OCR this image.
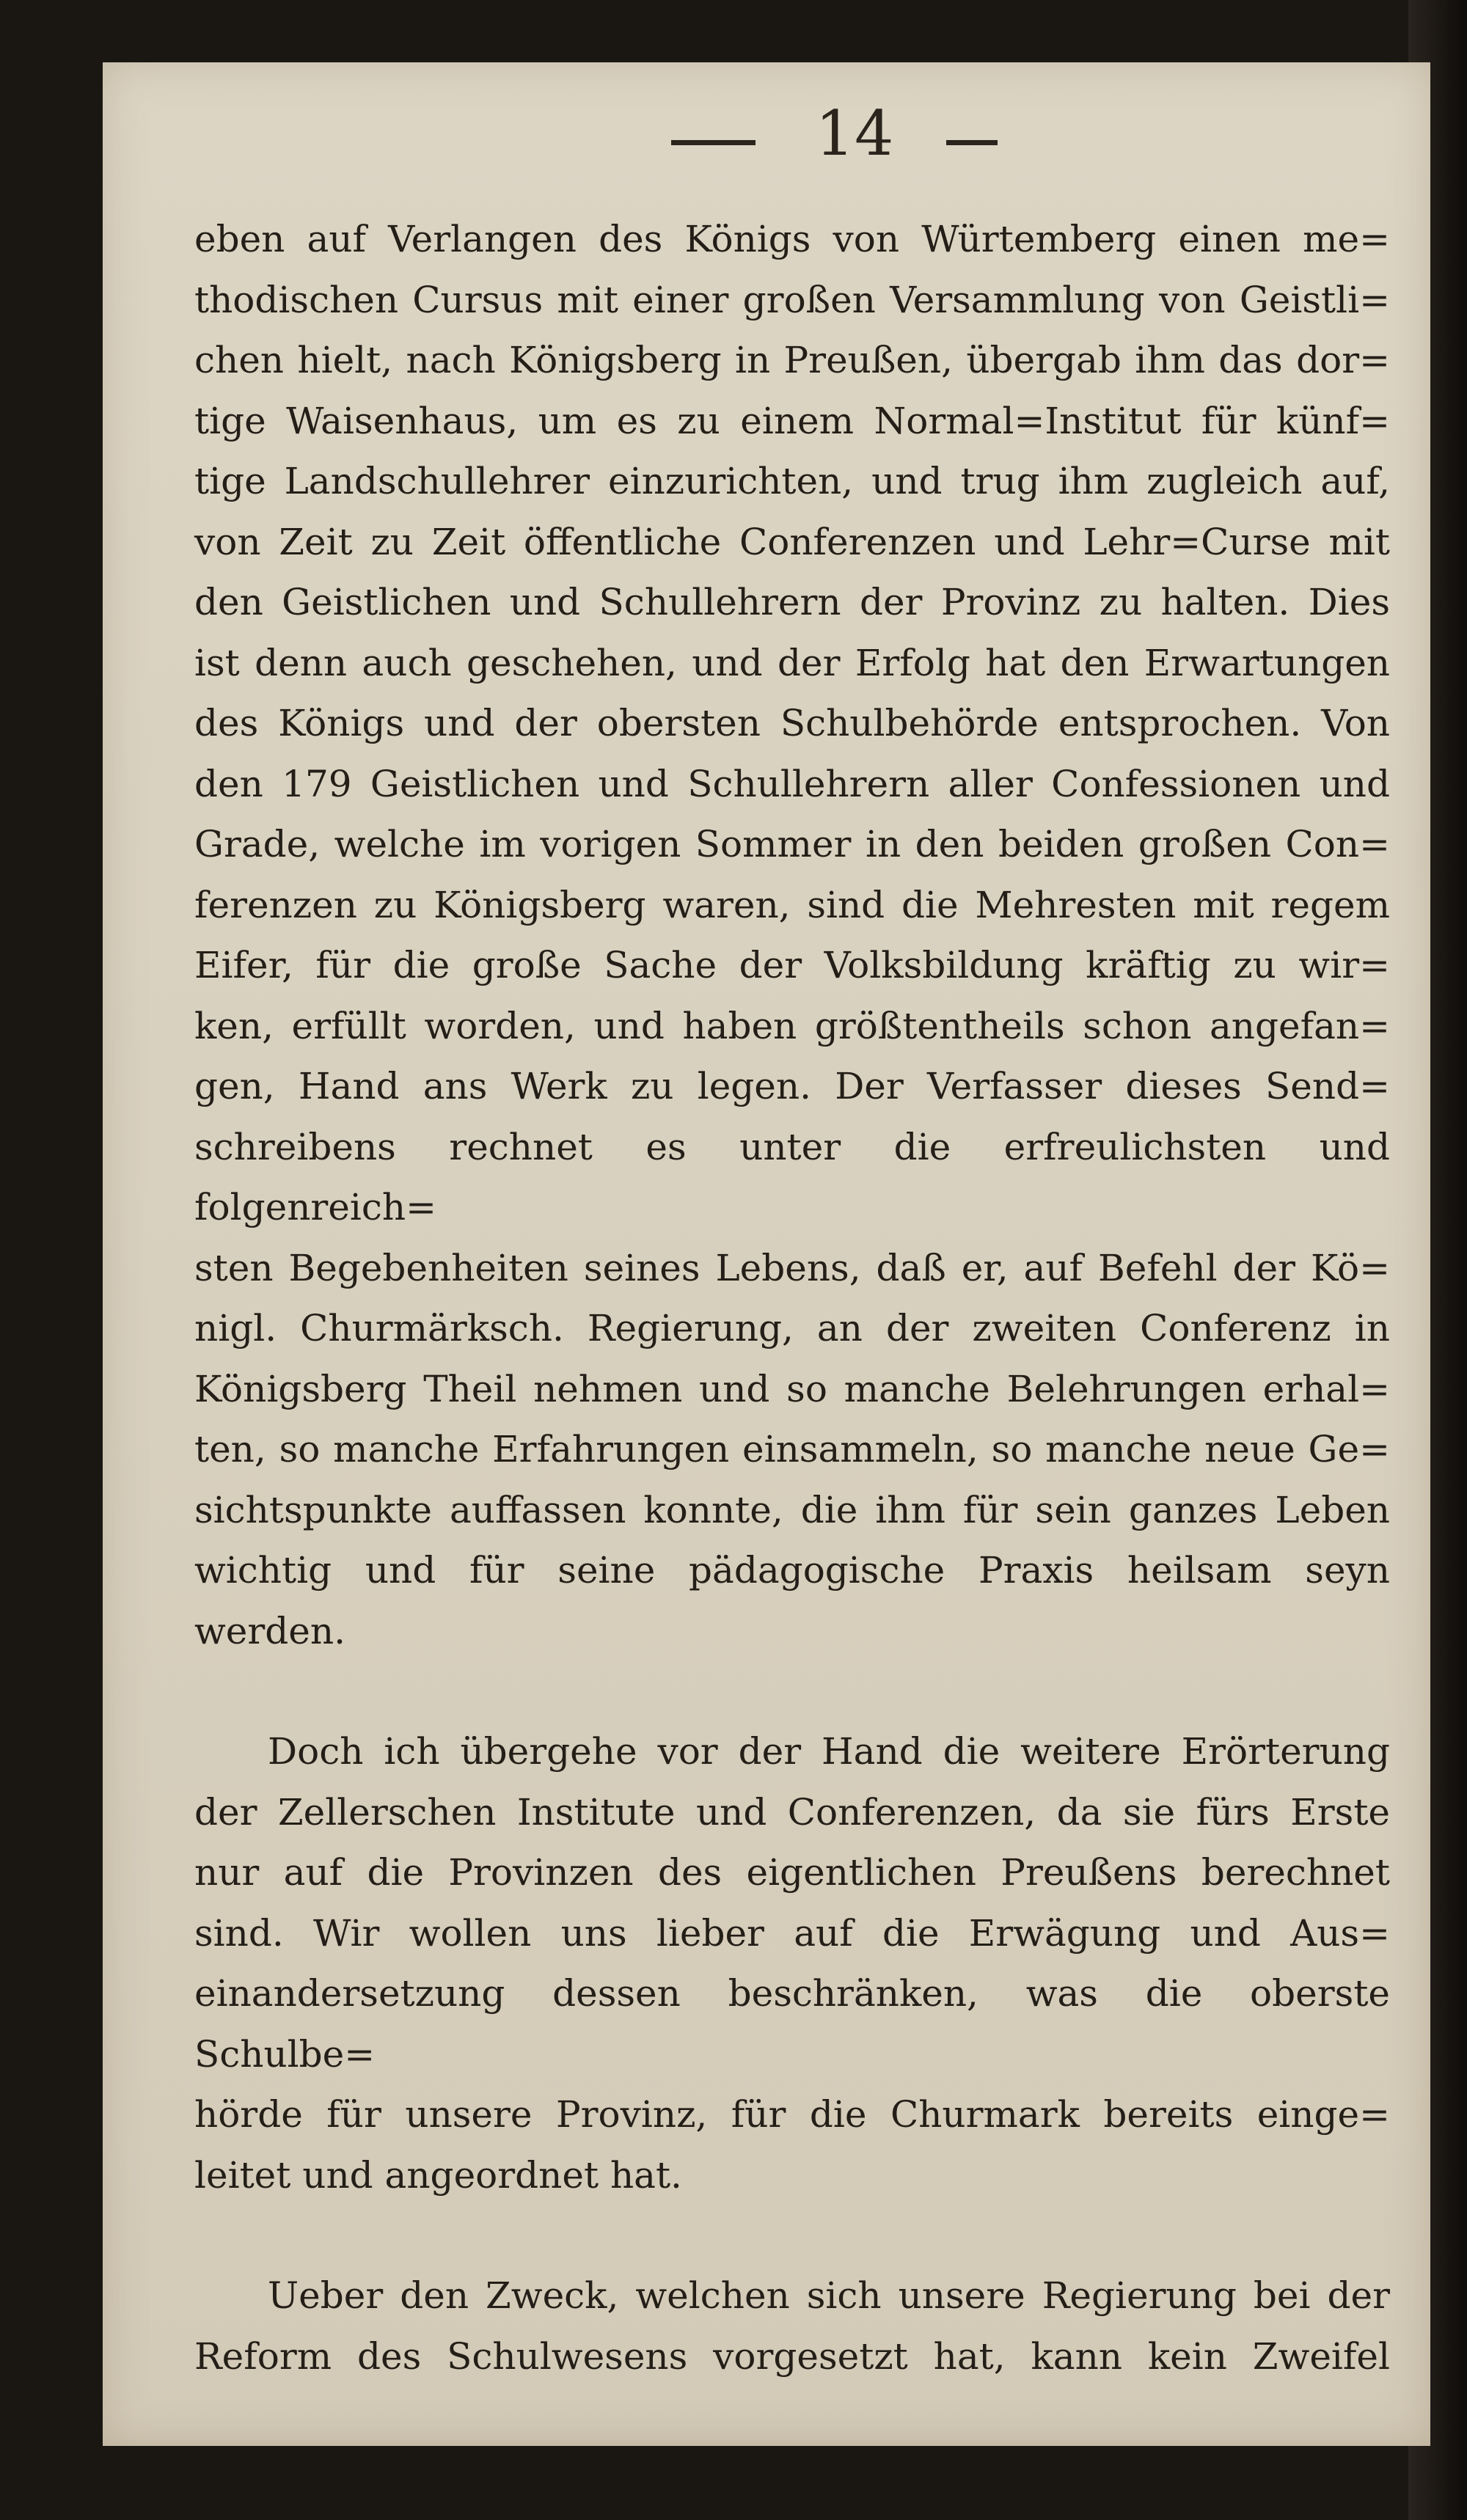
14

eben auf Verlangen des Königs von Würtemberg einen me=
thodischen Cursus mit einer großen Versammlung von Geistli=
chen hielt, nach Königsberg in Preußen, übergab ihm das dor=
tige Waisenhaus, um es zu einem Normal=Institut für künf=
tige Landschullehrer einzurichten, und trug ihm zugleich auf,
von Zeit zu Zeit öffentliche Conferenzen und Lehr=Curse mit
den Geistlichen und Schullehrern der Provinz zu halten. Dies
ist denn auch geschehen, und der Erfolg hat den Erwartungen
des Königs und der obersten Schulbehörde entsprochen. Von
den 179 Geistlichen und Schullehrern aller Confessionen und
Grade, welche im vorigen Sommer in den beiden großen Con=
ferenzen zu Königsberg waren, sind die Mehresten mit regem
Eifer, für die große Sache der Volksbildung kräftig zu wir=
ken, erfüllt worden, und haben größtentheils schon angefan=
gen, Hand ans Werk zu legen. Der Verfasser dieses Send=
schreibens rechnet es unter die erfreulichsten und folgenreich=
sten Begebenheiten seines Lebens, daß er, auf Befehl der Kö=
nigl. Churmärksch. Regierung, an der zweiten Conferenz in
Königsberg Theil nehmen und so manche Belehrungen erhal=
ten, so manche Erfahrungen einsammeln, so manche neue Ge=
sichtspunkte auffassen konnte, die ihm für sein ganzes Leben
wichtig und für seine pädagogische Praxis heilsam seyn
werden.

Doch ich übergehe vor der Hand die weitere Erörterung
der Zellerschen Institute und Conferenzen, da sie fürs Erste
nur auf die Provinzen des eigentlichen Preußens berechnet
sind. Wir wollen uns lieber auf die Erwägung und Aus=
einandersetzung dessen beschränken, was die oberste Schulbe=
hörde für unsere Provinz, für die Churmark bereits einge=
leitet und angeordnet hat.

Ueber den Zweck, welchen sich unsere Regierung bei der
Reform des Schulwesens vorgesetzt hat, kann kein Zweifel
